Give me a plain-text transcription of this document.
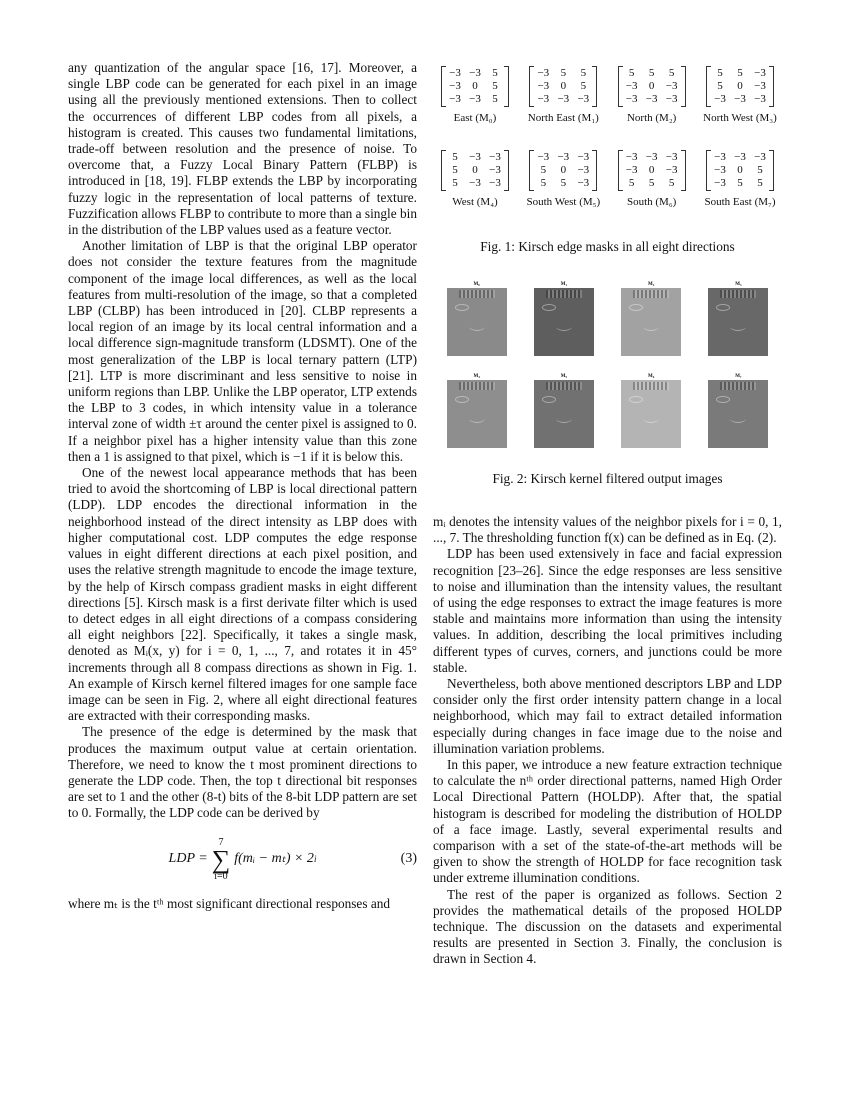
any quantization of the angular space [16, 17]. Moreover, a single LBP code can be generated for each pixel in an image using all the previously mentioned extensions. Then to collect the occurrences of different LBP codes from all pixels, a histogram is created. This causes two fundamental limitations, trade-off between resolution and the presence of noise. To overcome that, a Fuzzy Local Binary Pattern (FLBP) is introduced in [18, 19]. FLBP extends the LBP by incorporating fuzzy logic in the representation of local patterns of texture. Fuzzification allows FLBP to contribute to more than a single bin in the distribution of the LBP values used as a feature vector.

Another limitation of LBP is that the original LBP operator does not consider the texture features from the magnitude component of the image local differences, as well as the local features from multi-resolution of the image, so that a completed LBP (CLBP) has been introduced in [20]. CLBP represents a local region of an image by its local central information and a local difference sign-magnitude transform (LDSMT). One of the most generalization of the LBP is local ternary pattern (LTP) [21]. LTP is more discriminant and less sensitive to noise in uniform regions than LBP. Unlike the LBP operator, LTP extends the LBP to 3 codes, in which intensity value in a tolerance interval zone of width ±τ around the center pixel is assigned to 0. If a neighbor pixel has a higher intensity value than this zone then a 1 is assigned to that pixel, which is −1 if it is below this.

One of the newest local appearance methods that has been tried to avoid the shortcoming of LBP is local directional pattern (LDP). LDP encodes the directional information in the neighborhood instead of the direct intensity as LBP does with higher computational cost. LDP computes the edge response values in eight different directions at each pixel position, and uses the relative strength magnitude to encode the image texture, by the help of Kirsch compass gradient masks in eight different directions [5]. Kirsch mask is a first derivate filter which is used to detect edges in all eight directions of a compass considering all eight neighbors [22]. Specifically, it takes a single mask, denoted as Mᵢ(x, y) for i = 0, 1, ..., 7, and rotates it in 45° increments through all 8 compass directions as shown in Fig. 1. An example of Kirsch kernel filtered images for one sample face image can be seen in Fig. 2, where all eight directional features are extracted with their corresponding masks.

The presence of the edge is determined by the mask that produces the maximum output value at certain orientation. Therefore, we need to know the t most prominent directions to generate the LDP code. Then, the top t directional bit responses are set to 1 and the other (8-t) bits of the 8-bit LDP pattern are set to 0. Formally, the LDP code can be derived by

LDP =
7
∑
i=0
f(mᵢ − mₜ) × 2 i	(3)

where mₜ is the tᵗʰ most significant directional responses and

−3 −3	5
−3	0	5
−3 −3	5
East (M₀)
−3	5	5
−3	0	5
−3 −3 −3
North East (M₁)
5	5	5
−3	0	−3
−3 −3 −3
North (M₂)
5	5	−3
5	0	−3
−3 −3 −3
North West (M₃)
5	−3 −3
5	0	−3
5	−3 −3
West (M₄)
−3 −3 −3
5	0	−3
5	5	−3
South West (M₅)
−3 −3 −3
−3	0	−3
5	5	5
South (M₆)
−3 −3 −3
−3	0	5
−3	5	5
South East (M₇)
Fig. 1: Kirsch edge masks in all eight directions
M₀	M₁	M₂	M₃
M₄	M₅	M₆	M₇
Fig. 2: Kirsch kernel filtered output images

mᵢ denotes the intensity values of the neighbor pixels for i = 0, 1, ..., 7. The thresholding function f(x) can be defined as in Eq. (2).

LDP has been used extensively in face and facial expression recognition [23–26]. Since the edge responses are less sensitive to noise and illumination than the intensity values, the resultant of using the edge responses to extract the image features is more stable and maintains more information than using the intensity values. In addition, describing the local primitives including different types of curves, corners, and junctions could be more stable.

Nevertheless, both above mentioned descriptors LBP and LDP consider only the first order intensity pattern change in a local neighborhood, which may fail to extract detailed information especially during changes in face image due to the noise and illumination variation problems.

In this paper, we introduce a new feature extraction technique to calculate the nᵗʰ order directional patterns, named High Order Local Directional Pattern (HOLDP). After that, the spatial histogram is described for modeling the distribution of HOLDP of a face image. Lastly, several experimental results and comparison with a set of the state-of-the-art methods will be given to show the strength of HOLDP for face recognition task under extreme illumination conditions.

The rest of the paper is organized as follows. Section 2 provides the mathematical details of the proposed HOLDP technique. The discussion on the datasets and experimental results are presented in Section 3. Finally, the conclusion is drawn in Section 4.
